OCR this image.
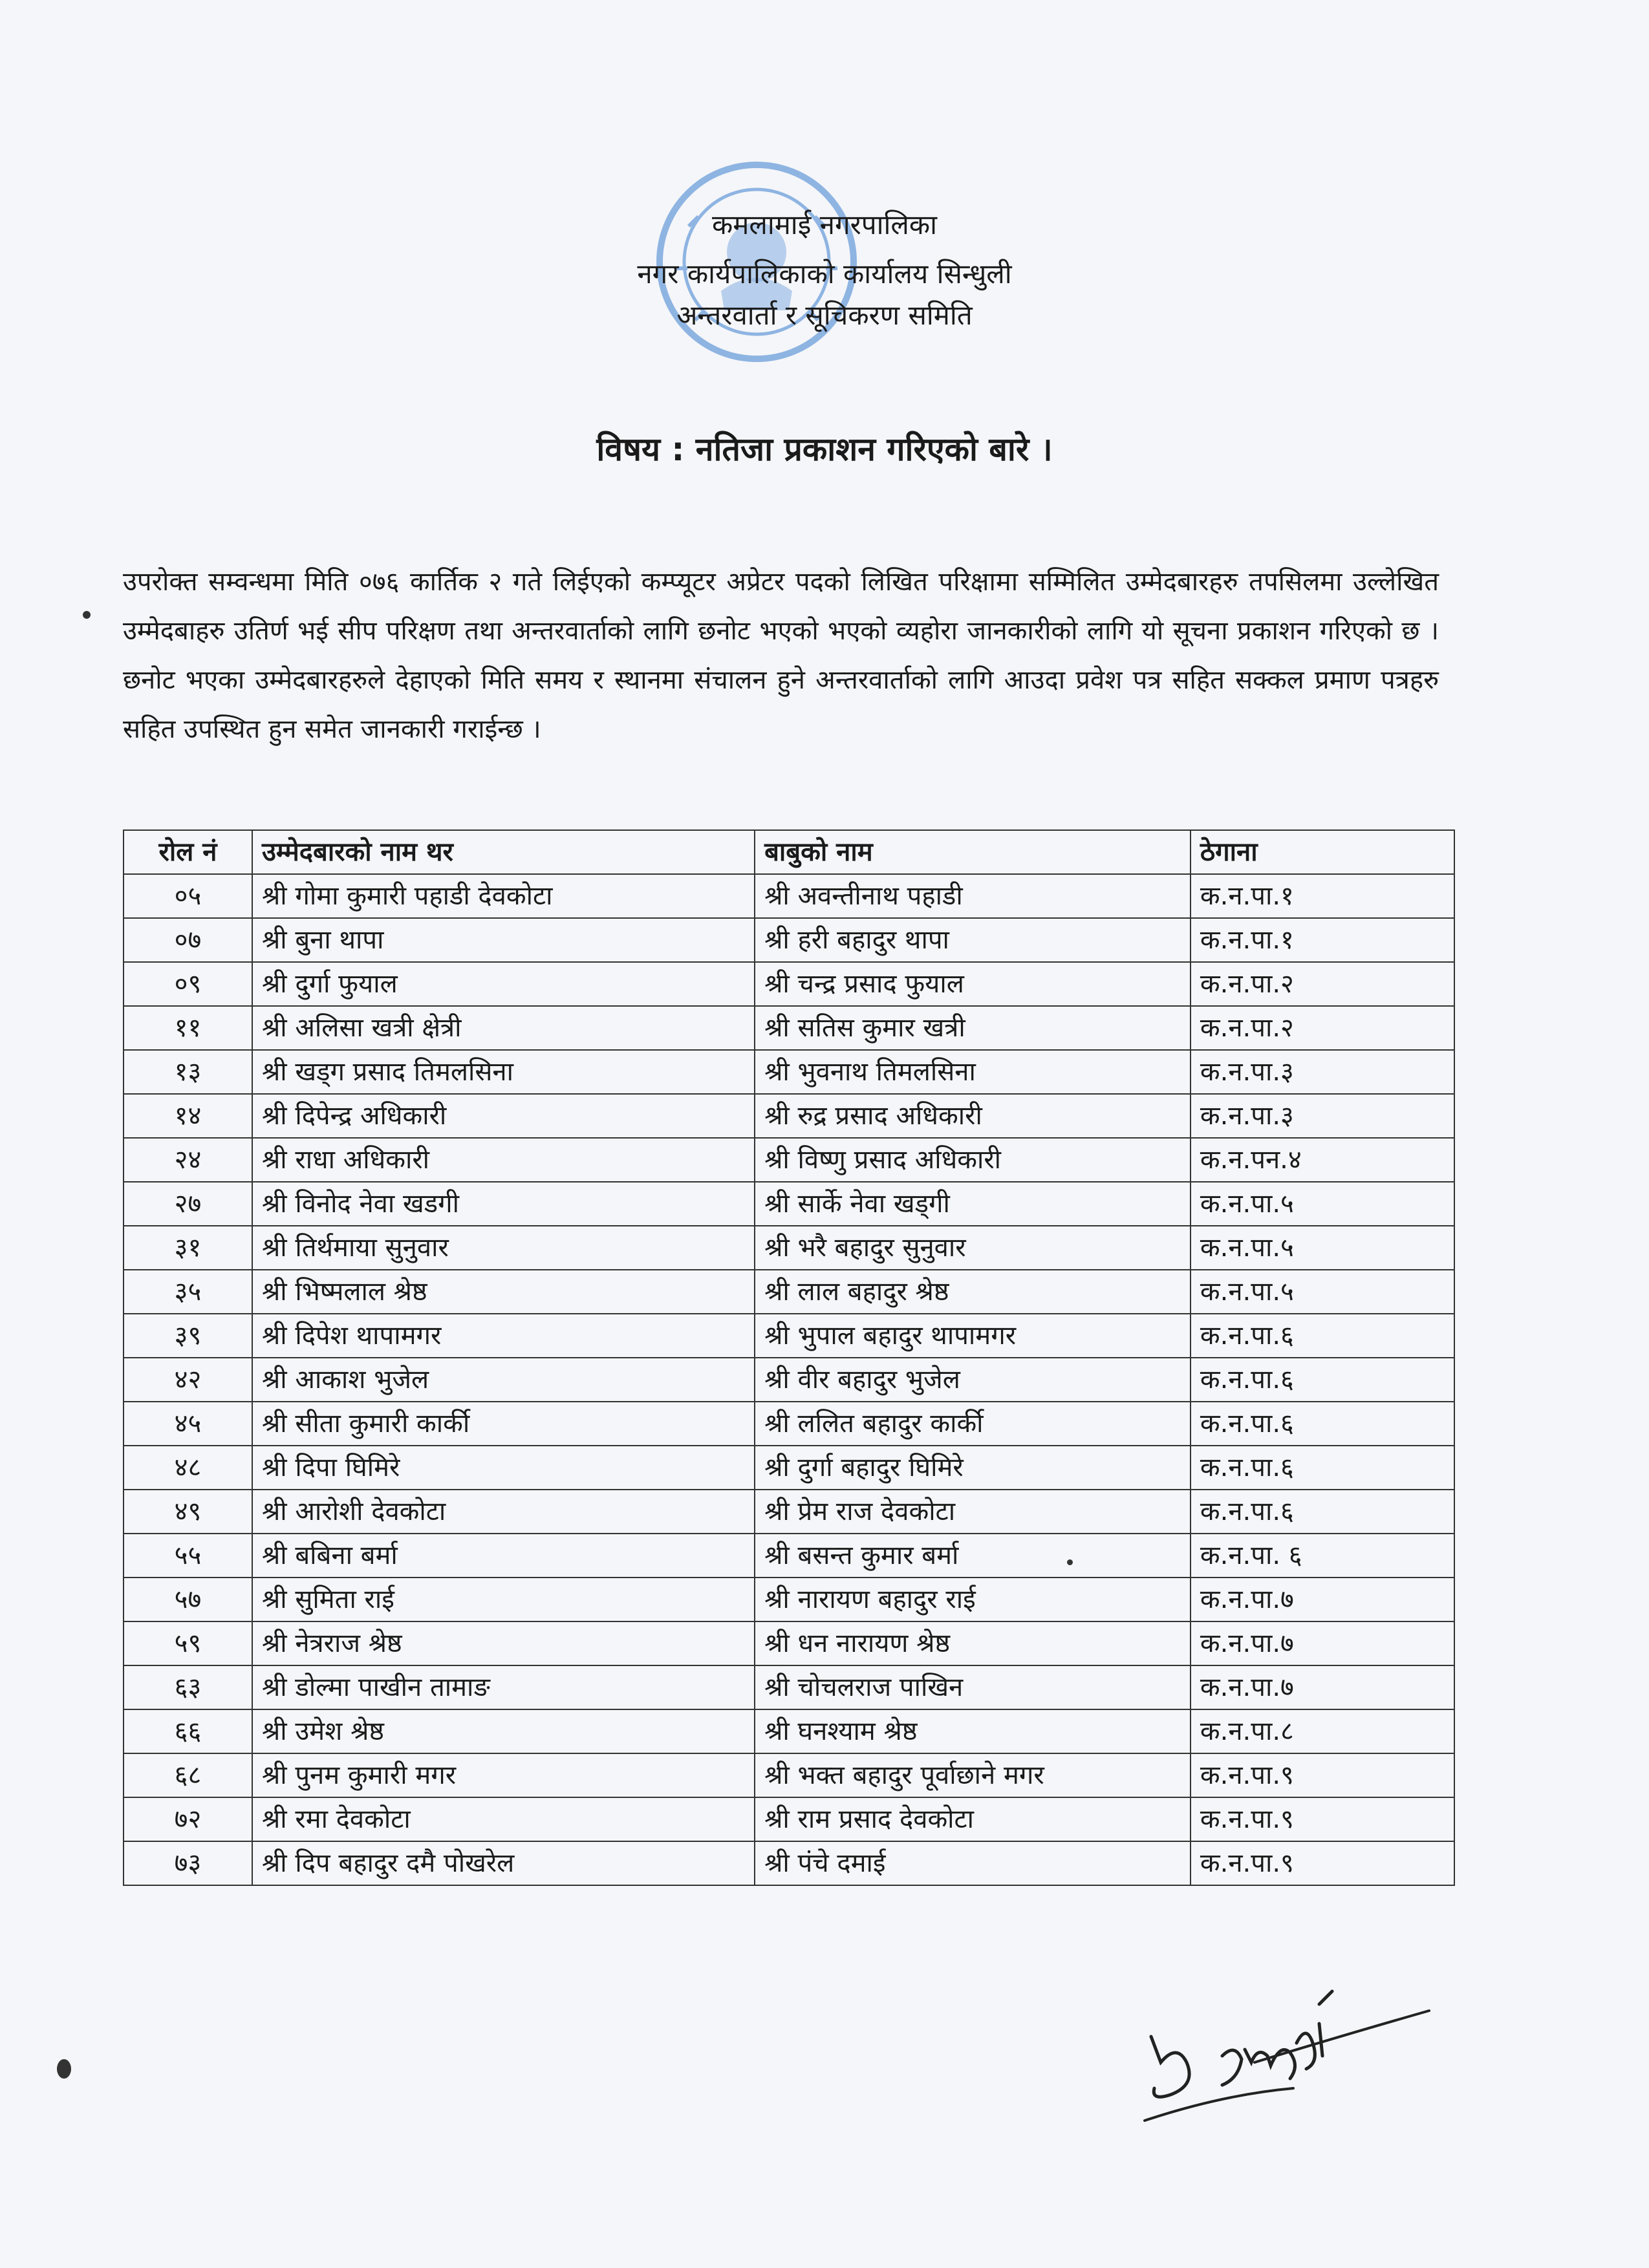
कमलामाई नगरपालिका
नगर कार्यपालिकाको कार्यालय सिन्धुली
अन्तरवार्ता र सूचिकरण समिति
विषय : नतिजा प्रकाशन गरिएको बारे ।

उपरोक्त सम्वन्धमा मिति ०७६ कार्तिक २ गते लिईएको कम्प्यूटर अप्रेटर पदको लिखित परिक्षामा सम्मिलित उम्मेदबारहरु तपसिलमा उल्लेखित उम्मेदबाहरु उतिर्ण भई सीप परिक्षण तथा अन्तरवार्ताको लागि छनोट भएको भएको व्यहोरा जानकारीको लागि यो सूचना प्रकाशन गरिएको छ । छनोट भएका उम्मेदबारहरुले देहाएको मिति समय र स्थानमा संचालन हुने अन्तरवार्ताको लागि आउदा प्रवेश पत्र सहित सक्कल प्रमाण पत्रहरु सहित उपस्थित हुन समेत जानकारी गराईन्छ ।

रोल नं	उम्मेदबारको नाम थर	बाबुको नाम	ठेगाना
०५	श्री गोमा कुमारी पहाडी देवकोटा	श्री अवन्तीनाथ पहाडी	क.न.पा.१
०७	श्री बुना थापा	श्री हरी बहादुर थापा	क.न.पा.१
०९	श्री दुर्गा फुयाल	श्री चन्द्र प्रसाद फुयाल	क.न.पा.२
११	श्री अलिसा खत्री क्षेत्री	श्री सतिस कुमार खत्री	क.न.पा.२
१३	श्री खड्ग प्रसाद तिमलसिना	श्री भुवनाथ तिमलसिना	क.न.पा.३
१४	श्री दिपेन्द्र अधिकारी	श्री रुद्र प्रसाद अधिकारी	क.न.पा.३
२४	श्री राधा अधिकारी	श्री विष्णु प्रसाद अधिकारी	क.न.पन.४
२७	श्री विनोद नेवा खडगी	श्री सार्के नेवा खड्गी	क.न.पा.५
३१	श्री तिर्थमाया सुनुवार	श्री भरै बहादुर सुनुवार	क.न.पा.५
३५	श्री भिष्मलाल श्रेष्ठ	श्री लाल बहादुर श्रेष्ठ	क.न.पा.५
३९	श्री दिपेश थापामगर	श्री भुपाल बहादुर थापामगर	क.न.पा.६
४२	श्री आकाश भुजेल	श्री वीर बहादुर भुजेल	क.न.पा.६
४५	श्री सीता कुमारी कार्की	श्री ललित बहादुर कार्की	क.न.पा.६
४८	श्री दिपा घिमिरे	श्री दुर्गा बहादुर घिमिरे	क.न.पा.६
४९	श्री आरोशी देवकोटा	श्री प्रेम राज देवकोटा	क.न.पा.६
५५	श्री बबिना बर्मा	श्री बसन्त कुमार बर्मा	क.न.पा. ६
५७	श्री सुमिता राई	श्री नारायण बहादुर राई	क.न.पा.७
५९	श्री नेत्रराज श्रेष्ठ	श्री धन नारायण श्रेष्ठ	क.न.पा.७
६३	श्री डोल्मा पाखीन तामाङ	श्री चोचलराज पाखिन	क.न.पा.७
६६	श्री उमेश श्रेष्ठ	श्री घनश्याम श्रेष्ठ	क.न.पा.८
६८	श्री पुनम कुमारी मगर	श्री भक्त बहादुर पूर्वाछाने मगर	क.न.पा.९
७२	श्री रमा देवकोटा	श्री राम प्रसाद देवकोटा	क.न.पा.९
७३	श्री दिप बहादुर दमै पोखरेल	श्री पंचे दमाई	क.न.पा.९
